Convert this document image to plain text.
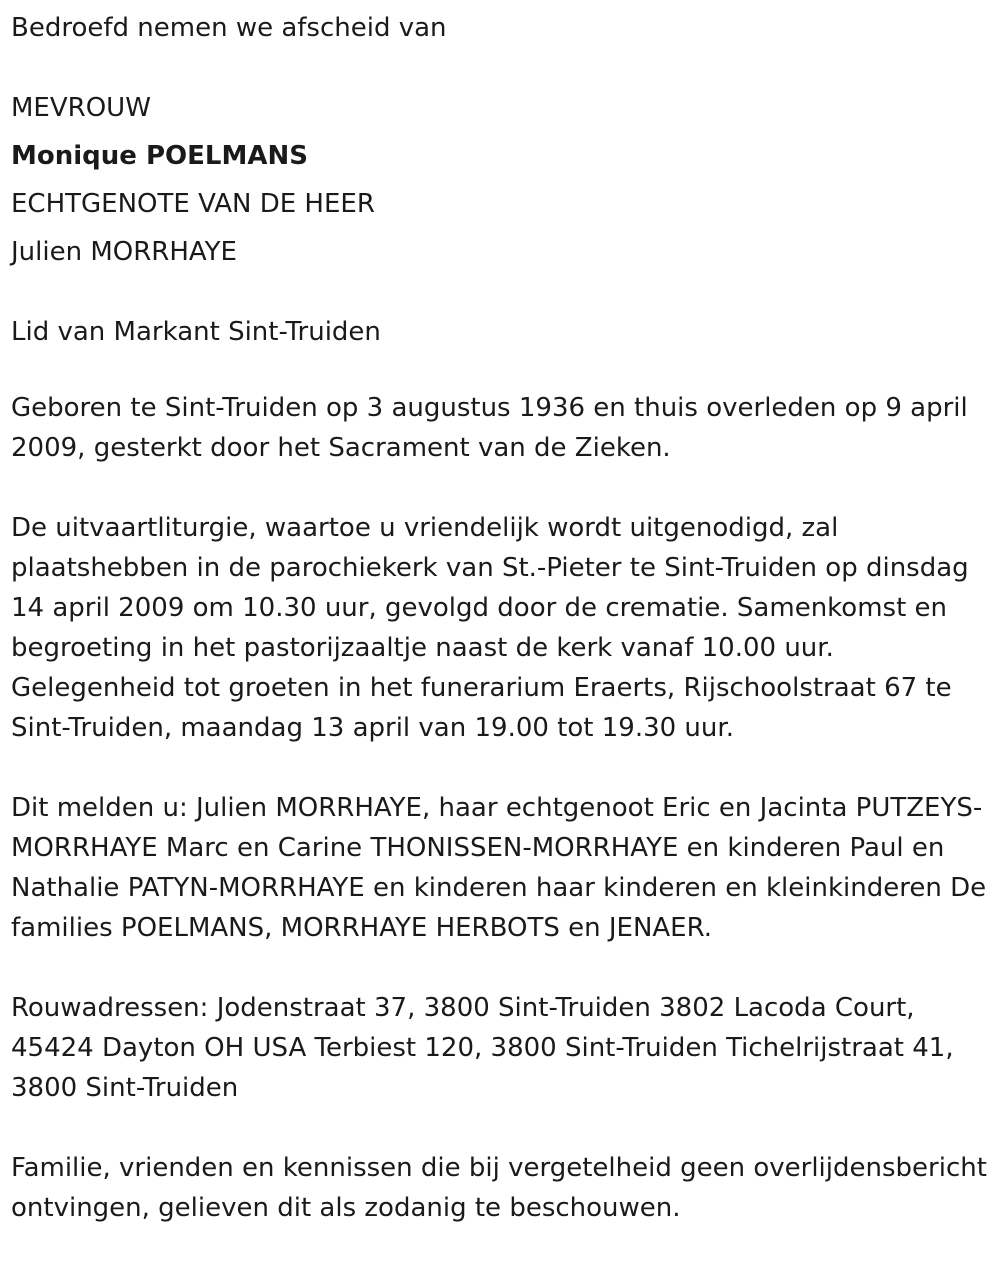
Bedroefd nemen we afscheid van

MEVROUW

Monique POELMANS

ECHTGENOTE VAN DE HEER

Julien MORRHAYE

Lid van Markant Sint-Truiden

Geboren te Sint-Truiden op 3 augustus 1936 en thuis overleden op 9 april 2009, gesterkt door het Sacrament van de Zieken.

De uitvaartliturgie, waartoe u vriendelijk wordt uitgenodigd, zal plaatshebben in de parochiekerk van St.-Pieter te Sint-Truiden op dinsdag 14 april 2009 om 10.30 uur, gevolgd door de crematie. Samenkomst en begroeting in het pastorijzaaltje naast de kerk vanaf 10.00 uur. Gelegenheid tot groeten in het funerarium Eraerts, Rijschoolstraat 67 te Sint-Truiden, maandag 13 april van 19.00 tot 19.30 uur.

Dit melden u: Julien MORRHAYE, haar echtgenoot Eric en Jacinta PUTZEYS-MORRHAYE Marc en Carine THONISSEN-MORRHAYE en kinderen Paul en Nathalie PATYN-MORRHAYE en kinderen haar kinderen en kleinkinderen De families POELMANS, MORRHAYE HERBOTS en JENAER.

Rouwadressen: Jodenstraat 37, 3800 Sint-Truiden 3802 Lacoda Court, 45424 Dayton OH USA Terbiest 120, 3800 Sint-Truiden Tichelrijstraat 41, 3800 Sint-Truiden

Familie, vrienden en kennissen die bij vergetelheid geen overlijdensbericht ontvingen, gelieven dit als zodanig te beschouwen.
